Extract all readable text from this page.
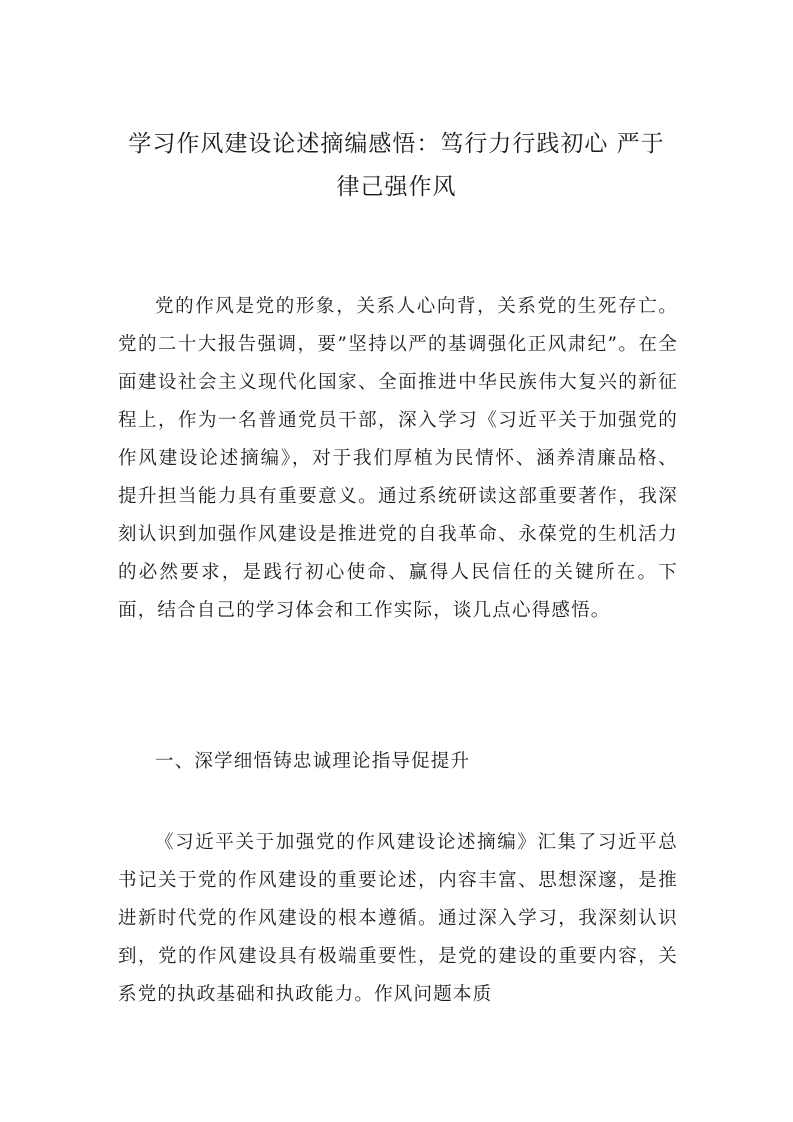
学习作风建设论述摘编感悟：笃行力行践初心 严于
律己强作风

党的作风是党的形象，关系人心向背，关系党的生死存亡。党的二十大报告强调，要”坚持以严的基调强化正风肃纪”。在全面建设社会主义现代化国家、全面推进中华民族伟大复兴的新征程上，作为一名普通党员干部，深入学习《习近平关于加强党的作风建设论述摘编》，对于我们厚植为民情怀、涵养清廉品格、提升担当能力具有重要意义。通过系统研读这部重要著作，我深刻认识到加强作风建设是推进党的自我革命、永葆党的生机活力的必然要求，是践行初心使命、赢得人民信任的关键所在。下面，结合自己的学习体会和工作实际，谈几点心得感悟。

一、深学细悟铸忠诚理论指导促提升

《习近平关于加强党的作风建设论述摘编》汇集了习近平总书记关于党的作风建设的重要论述，内容丰富、思想深邃，是推进新时代党的作风建设的根本遵循。通过深入学习，我深刻认识到，党的作风建设具有极端重要性，是党的建设的重要内容，关系党的执政基础和执政能力。作风问题本质
